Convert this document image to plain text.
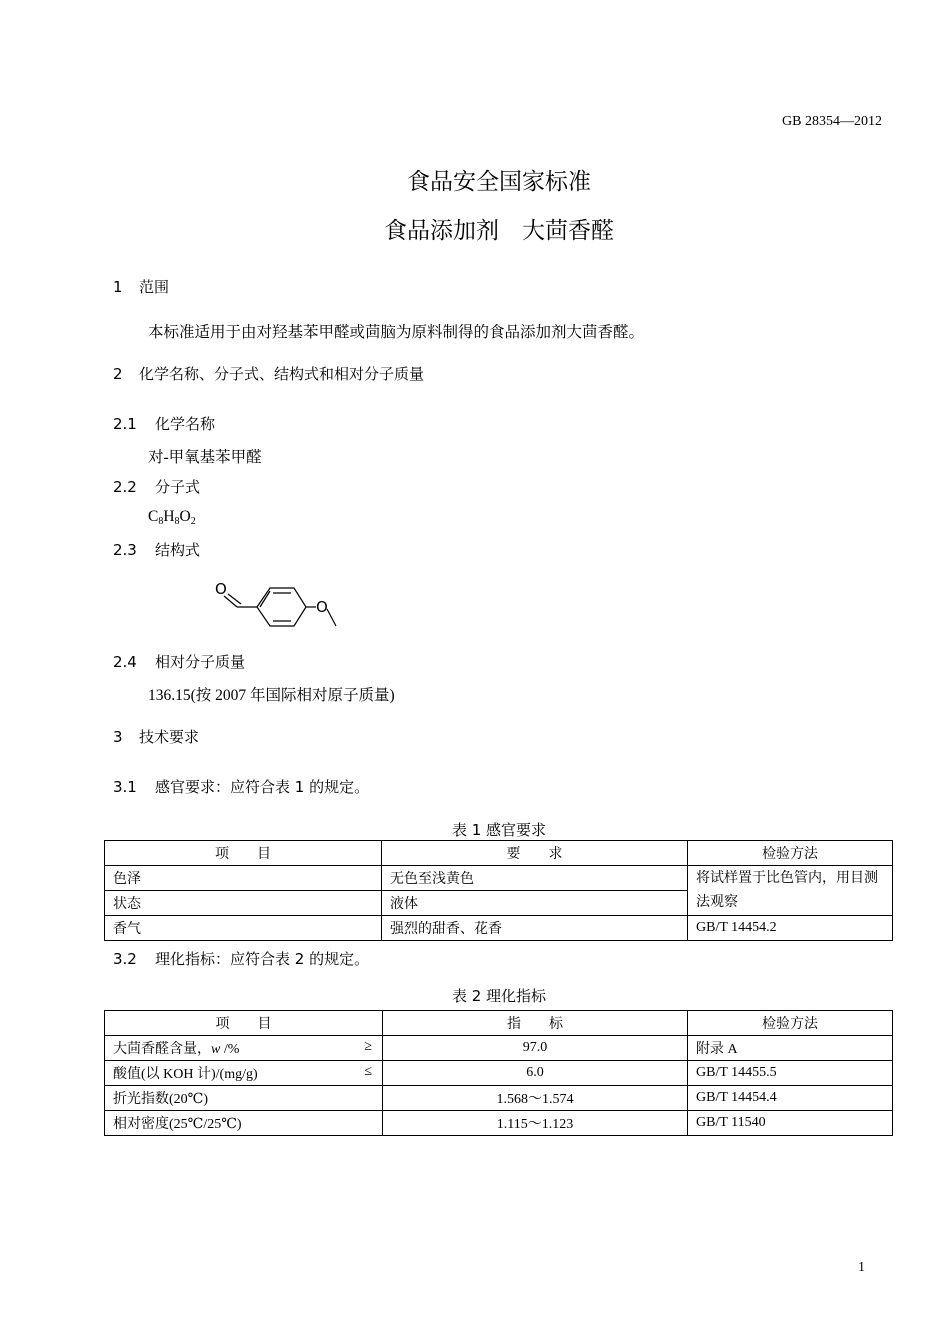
GB 28354—2012
食品安全国家标准
食品添加剂　大茴香醛
1 范围
本标准适用于由对羟基苯甲醛或茴脑为原料制得的食品添加剂大茴香醛。
2 化学名称、分子式、结构式和相对分子质量
2.1 化学名称
对-甲氧基苯甲醛
2.2 分子式
$C_8H_8O_2$
2.3 结构式
O
O
2.4 相对分子质量
136.15(按 2007 年国际相对原子质量)
3 技术要求
3.1 感官要求：应符合表 1 的规定。
表 1 感官要求
项　　目	要　　求	检验方法
色泽	无色至浅黄色	将试样置于比色管内，用目测法观察
状态	液体	
香气	强烈的甜香、花香	GB/T 14454.2
3.2 理化指标：应符合表 2 的规定。
表 2 理化指标
项　　目	指　　标	检验方法
大茴香醛含量，w /% ≥	97.0	附录 A
酸值(以 KOH 计)/(mg/g) ≤	6.0	GB/T 14455.5
折光指数(20℃)	1.568～1.574	GB/T 14454.4
相对密度(25℃/25℃)	1.115～1.123	GB/T 11540
1
